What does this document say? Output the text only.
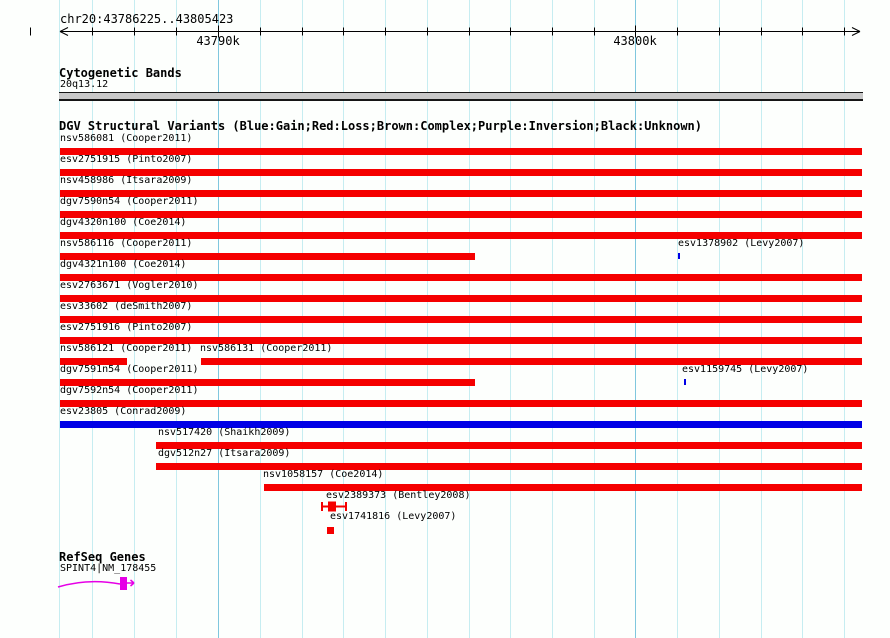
chr20:43786225..43805423
43790k	43800k
Cytogenetic Bands
20q13.12
DGV Structural Variants (Blue:Gain;Red:Loss;Brown:Complex;Purple:Inversion;Black:Unknown)
nsv586081 (Cooper2011)
esv2751915 (Pinto2007)
nsv458986 (Itsara2009)
dgv7590n54 (Cooper2011)
dgv4320n100 (Coe2014)
nsv586116 (Cooper2011)	esv1378902 (Levy2007)
dgv4321n100 (Coe2014)
esv2763671 (Vogler2010)
esv33602 (deSmith2007)
esv2751916 (Pinto2007)
nsv586121 (Cooper2011) nsv586131 (Cooper2011)
dgv7591n54 (Cooper2011)	esv1159745 (Levy2007)
dgv7592n54 (Cooper2011)
esv23805 (Conrad2009)
nsv517420 (Shaikh2009)
dgv512n27 (Itsara2009)
nsv1058157 (Coe2014)
esv2389373 (Bentley2008)
esv1741816 (Levy2007)
RefSeq Genes
SPINT4|NM_178455
